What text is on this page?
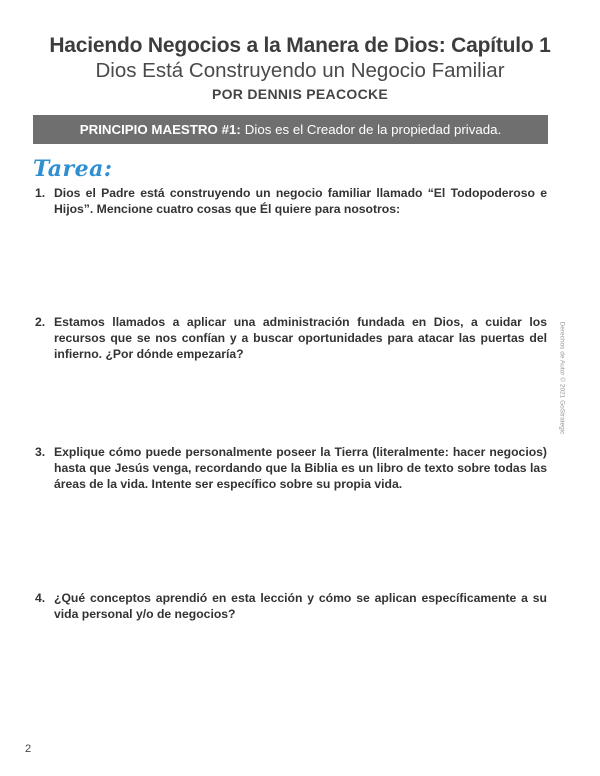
Haciendo Negocios a la Manera de Dios: Capítulo 1
Dios Está Construyendo un Negocio Familiar
POR DENNIS PEACOCKE
PRINCIPIO MAESTRO #1: Dios es el Creador de la propiedad privada.
Tarea:
1. Dios el Padre está construyendo un negocio familiar llamado “El Todopoderoso e Hijos”. Mencione cuatro cosas que Él quiere para nosotros:
2. Estamos llamados a aplicar una administración fundada en Dios, a cuidar los recursos que se nos confían y a buscar oportunidades para atacar las puertas del infierno. ¿Por dónde empezaría?
3. Explique cómo puede personalmente poseer la Tierra (literalmente: hacer negocios) hasta que Jesús venga, recordando que la Biblia es un libro de texto sobre todas las áreas de la vida. Intente ser específico sobre su propia vida.
4. ¿Qué conceptos aprendió en esta lección y cómo se aplican específicamente a su vida personal y/o de negocios?
Derechos de Autor © 2021 GoStrategic
2
